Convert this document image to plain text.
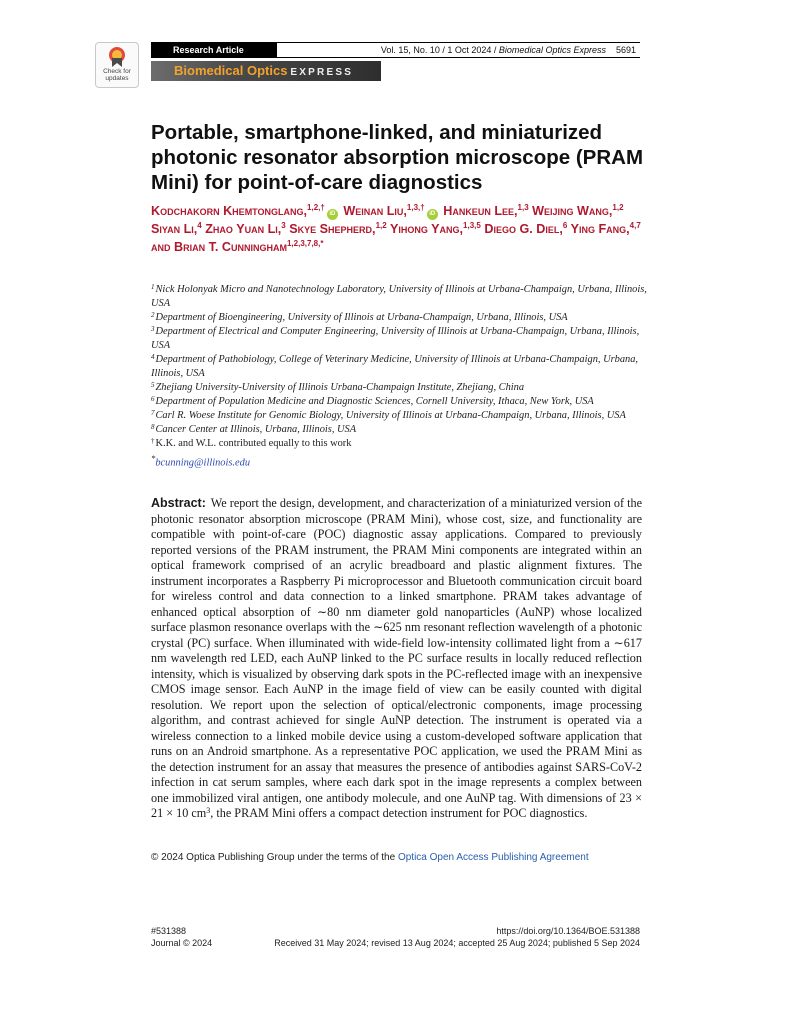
Check for
updates
Research Article	Vol. 15, No. 10 / 1 Oct 2024 / Biomedical Optics Express 5691
Biomedical Optics EXPRESS
Portable, smartphone-linked, and miniaturized photonic resonator absorption microscope (PRAM Mini) for point-of-care diagnostics
Kodchakorn Khemtonglang,$^{1,2,\dagger}$iD Weinan Liu,$^{1,3,\dagger}$iD Hankeun Lee,$^{1,3}$ Weijing Wang,$^{1,2}$ Siyan Li,$^4$ Zhao Yuan Li,$^3$ Skye Shepherd,$^{1,2}$ Yihong Yang,$^{1,3,5}$ Diego G. Diel,$^6$ Ying Fang,$^{4,7}$ and Brian T. Cunningham$^{1,2,3,7,8,*}$
$^1$Nick Holonyak Micro and Nanotechnology Laboratory, University of Illinois at Urbana-Champaign, Urbana, Illinois, USA
$^2$Department of Bioengineering, University of Illinois at Urbana-Champaign, Urbana, Illinois, USA
$^3$Department of Electrical and Computer Engineering, University of Illinois at Urbana-Champaign, Urbana, Illinois, USA
$^4$Department of Pathobiology, College of Veterinary Medicine, University of Illinois at Urbana-Champaign, Urbana, Illinois, USA
$^5$Zhejiang University-University of Illinois Urbana-Champaign Institute, Zhejiang, China
$^6$Department of Population Medicine and Diagnostic Sciences, Cornell University, Ithaca, New York, USA
$^7$Carl R. Woese Institute for Genomic Biology, University of Illinois at Urbana-Champaign, Urbana, Illinois, USA
$^8$Cancer Center at Illinois, Urbana, Illinois, USA
†K.K. and W.L. contributed equally to this work
*bcunning@illinois.edu
Abstract: We report the design, development, and characterization of a miniaturized version of the photonic resonator absorption microscope (PRAM Mini), whose cost, size, and functionality are compatible with point-of-care (POC) diagnostic assay applications. Compared to previously reported versions of the PRAM instrument, the PRAM Mini components are integrated within an optical framework comprised of an acrylic breadboard and plastic alignment fixtures. The instrument incorporates a Raspberry Pi microprocessor and Bluetooth communication circuit board for wireless control and data connection to a linked smartphone. PRAM takes advantage of enhanced optical absorption of ∼80 nm diameter gold nanoparticles (AuNP) whose localized surface plasmon resonance overlaps with the ∼625 nm resonant reflection wavelength of a photonic crystal (PC) surface. When illuminated with wide-field low-intensity collimated light from a ∼617 nm wavelength red LED, each AuNP linked to the PC surface results in locally reduced reflection intensity, which is visualized by observing dark spots in the PC-reflected image with an inexpensive CMOS image sensor. Each AuNP in the image field of view can be easily counted with digital resolution. We report upon the selection of optical/electronic components, image processing algorithm, and contrast achieved for single AuNP detection. The instrument is operated via a wireless connection to a linked mobile device using a custom-developed software application that runs on an Android smartphone. As a representative POC application, we used the PRAM Mini as the detection instrument for an assay that measures the presence of antibodies against SARS-CoV-2 infection in cat serum samples, where each dark spot in the image represents a complex between one immobilized viral antigen, one antibody molecule, and one AuNP tag. With dimensions of 23 × 21 × 10 $cm^3$, the PRAM Mini offers a compact detection instrument for POC diagnostics.
© 2024 Optica Publishing Group under the terms of the Optica Open Access Publishing Agreement
#531388
Journal © 2024
https://doi.org/10.1364/BOE.531388
Received 31 May 2024; revised 13 Aug 2024; accepted 25 Aug 2024; published 5 Sep 2024
